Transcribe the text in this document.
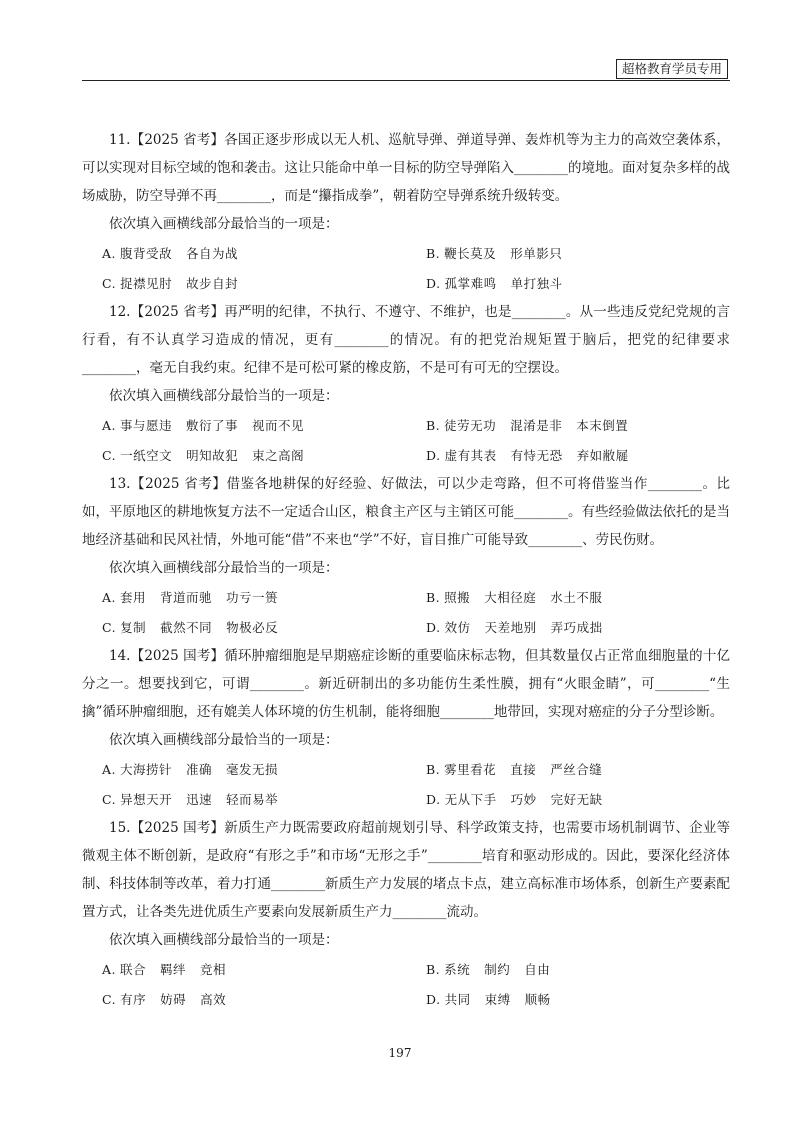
超格教育学员专用

11.【2025 省考】各国正逐步形成以无人机、巡航导弹、弹道导弹、轰炸机等为主力的高效空袭体系，可以实现对目标空域的饱和袭击。这让只能命中单一目标的防空导弹陷入________的境地。面对复杂多样的战场威胁，防空导弹不再________，而是“攥指成拳”，朝着防空导弹系统升级转变。

依次填入画横线部分最恰当的一项是：

A. 腹背受敌 各自为战	B. 鞭长莫及 形单影只
C. 捉襟见肘 故步自封	D. 孤掌难鸣 单打独斗

12.【2025 省考】再严明的纪律，不执行、不遵守、不维护，也是________。从一些违反党纪党规的言行看，有不认真学习造成的情况，更有________的情况。有的把党治规矩置于脑后，把党的纪律要求________，毫无自我约束。纪律不是可松可紧的橡皮筋，不是可有可无的空摆设。

依次填入画横线部分最恰当的一项是：

A. 事与愿违 敷衍了事 视而不见	B. 徒劳无功 混淆是非 本末倒置
C. 一纸空文 明知故犯 束之高阁	D. 虚有其表 有恃无恐 弃如敝屣

13.【2025 省考】借鉴各地耕保的好经验、好做法，可以少走弯路，但不可将借鉴当作________。比如，平原地区的耕地恢复方法不一定适合山区，粮食主产区与主销区可能________。有些经验做法依托的是当地经济基础和民风社情，外地可能“借”不来也“学”不好，盲目推广可能导致________、劳民伤财。

依次填入画横线部分最恰当的一项是：

A. 套用 背道而驰 功亏一篑	B. 照搬 大相径庭 水土不服
C. 复制 截然不同 物极必反	D. 效仿 天差地别 弄巧成拙

14.【2025 国考】循环肿瘤细胞是早期癌症诊断的重要临床标志物，但其数量仅占正常血细胞量的十亿分之一。想要找到它，可谓________。新近研制出的多功能仿生柔性膜，拥有“火眼金睛”，可________“生擒”循环肿瘤细胞，还有媲美人体环境的仿生机制，能将细胞________地带回，实现对癌症的分子分型诊断。

依次填入画横线部分最恰当的一项是：

A. 大海捞针 准确 毫发无损	B. 雾里看花 直接 严丝合缝
C. 异想天开 迅速 轻而易举	D. 无从下手 巧妙 完好无缺

15.【2025 国考】新质生产力既需要政府超前规划引导、科学政策支持，也需要市场机制调节、企业等微观主体不断创新，是政府“有形之手”和市场“无形之手”________培育和驱动形成的。因此，要深化经济体制、科技体制等改革，着力打通________新质生产力发展的堵点卡点，建立高标准市场体系，创新生产要素配置方式，让各类先进优质生产要素向发展新质生产力________流动。

依次填入画横线部分最恰当的一项是：

A. 联合 羁绊 竞相	B. 系统 制约 自由
C. 有序 妨碍 高效	D. 共同 束缚 顺畅
197
